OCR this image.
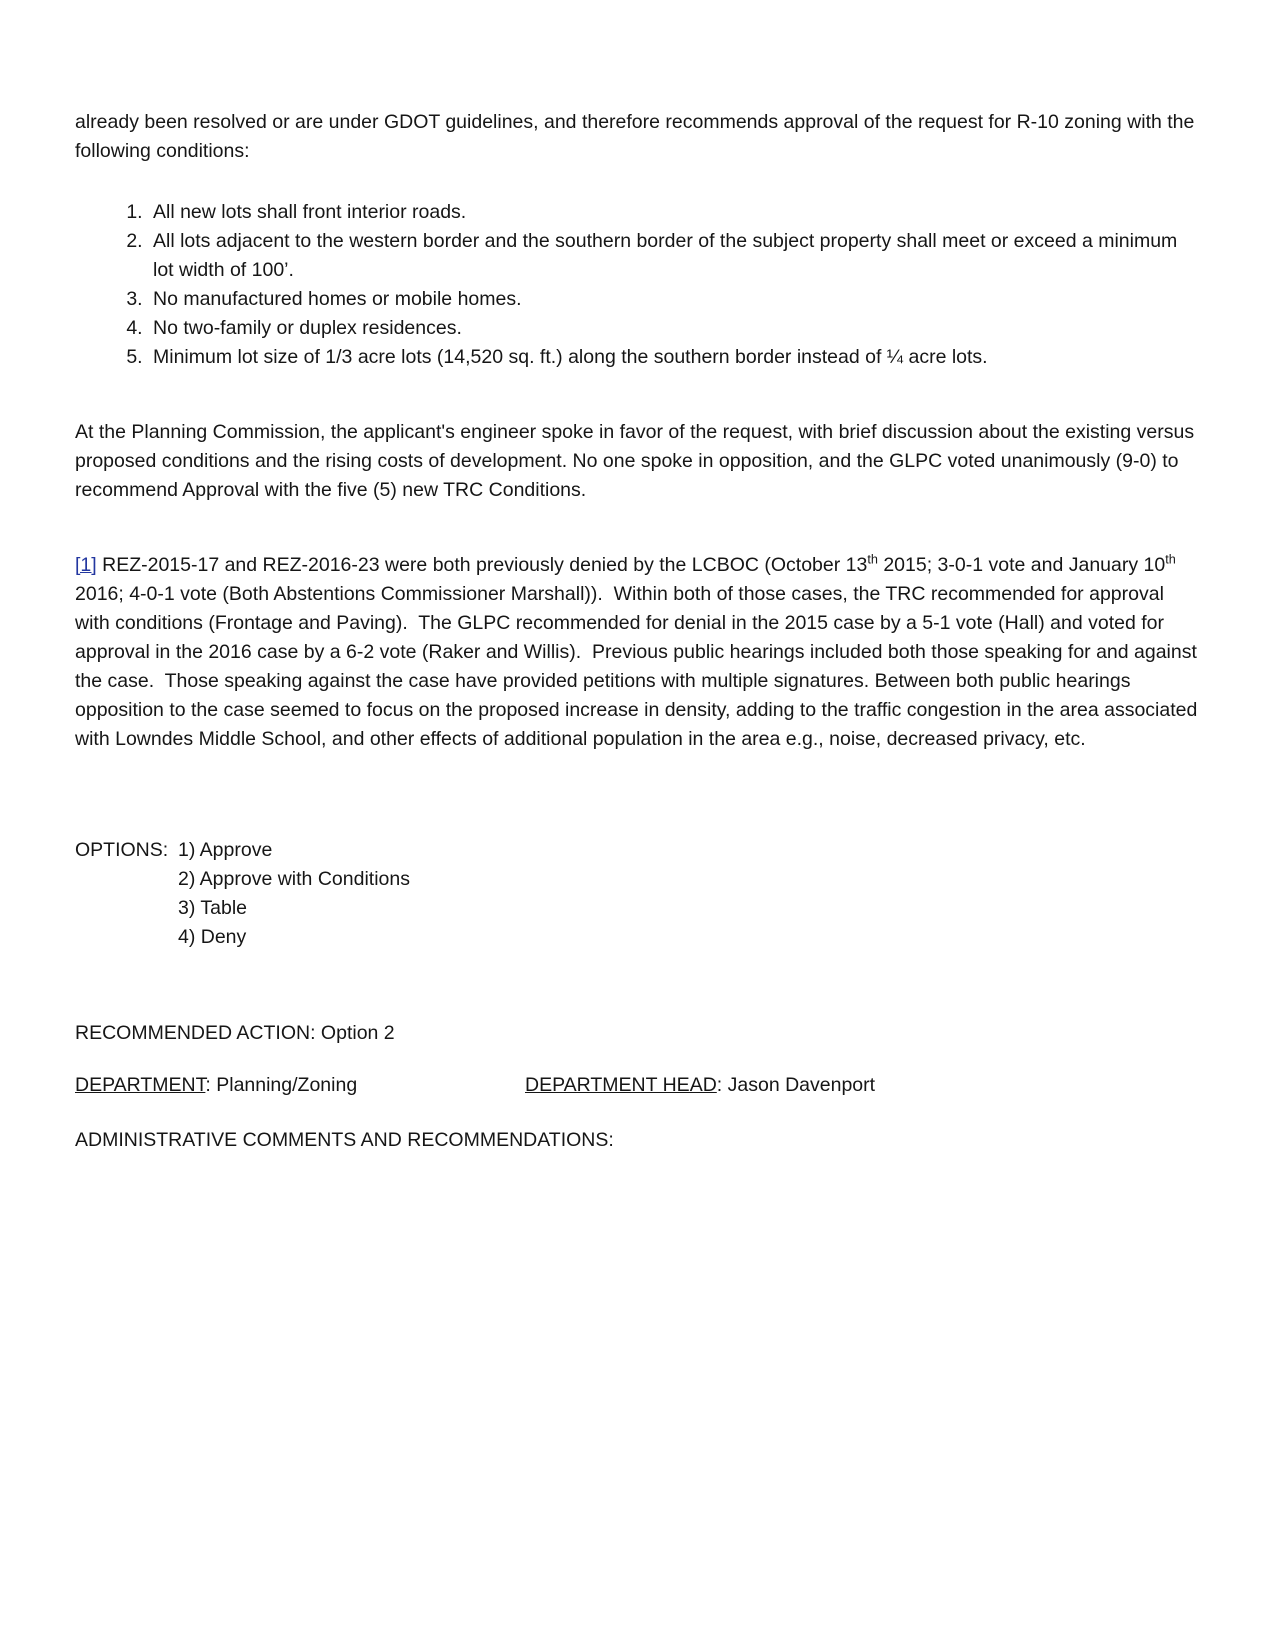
already been resolved or are under GDOT guidelines, and therefore recommends approval of the request for R-10 zoning with the following conditions:

1. All new lots shall front interior roads.
2. All lots adjacent to the western border and the southern border of the subject property shall meet or exceed a minimum lot width of 100’.
3. No manufactured homes or mobile homes.
4. No two-family or duplex residences.
5. Minimum lot size of 1/3 acre lots (14,520 sq. ft.) along the southern border instead of ¼ acre lots.

At the Planning Commission, the applicant's engineer spoke in favor of the request, with brief discussion about the existing versus proposed conditions and the rising costs of development. No one spoke in opposition, and the GLPC voted unanimously (9-0) to recommend Approval with the five (5) new TRC Conditions.

[1] REZ-2015-17 and REZ-2016-23 were both previously denied by the LCBOC (October 13th 2015; 3-0-1 vote and January 10th 2016; 4-0-1 vote (Both Abstentions Commissioner Marshall)).  Within both of those cases, the TRC recommended for approval with conditions (Frontage and Paving).  The GLPC recommended for denial in the 2015 case by a 5-1 vote (Hall) and voted for approval in the 2016 case by a 6-2 vote (Raker and Willis).  Previous public hearings included both those speaking for and against the case.  Those speaking against the case have provided petitions with multiple signatures. Between both public hearings opposition to the case seemed to focus on the proposed increase in density, adding to the traffic congestion in the area associated with Lowndes Middle School, and other effects of additional population in the area e.g., noise, decreased privacy, etc.

OPTIONS: 1) Approve
2) Approve with Conditions
3) Table
4) Deny

RECOMMENDED ACTION: Option 2

DEPARTMENT: Planning/Zoning	DEPARTMENT HEAD: Jason Davenport

ADMINISTRATIVE COMMENTS AND RECOMMENDATIONS:
